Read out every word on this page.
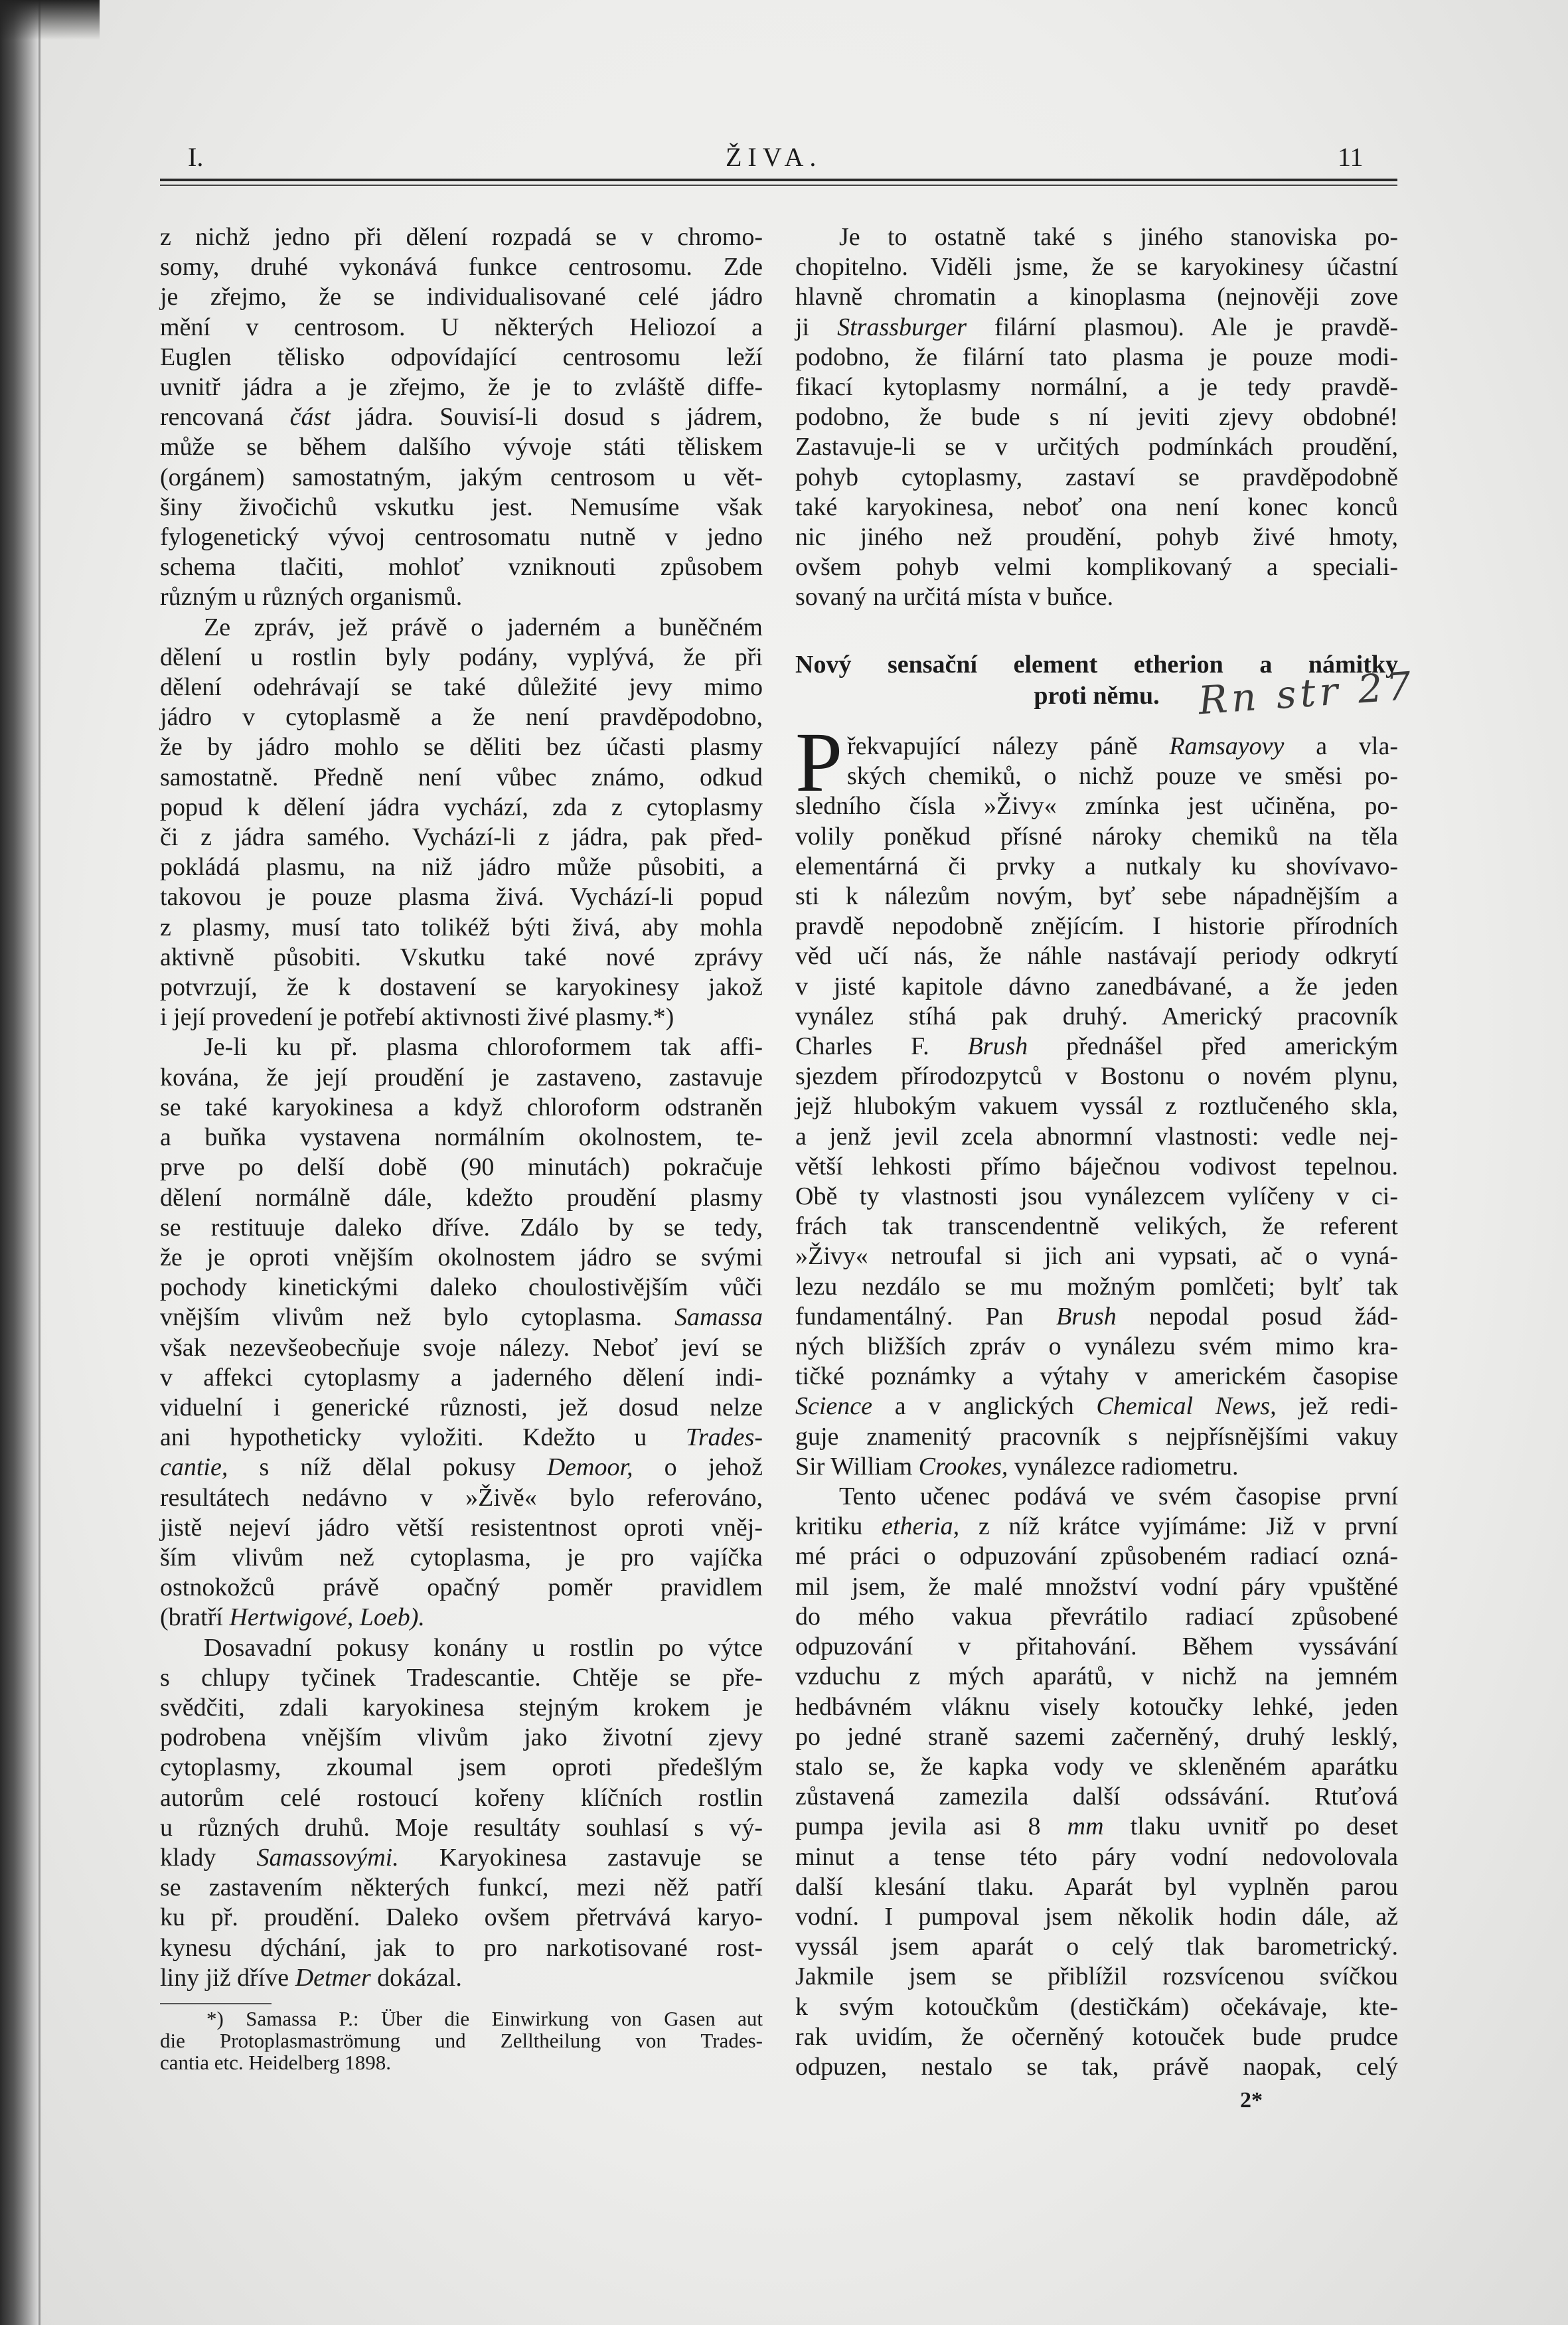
I.	ŽIVA.	11
z nichž jedno při dělení rozpadá se v chromo-
somy, druhé vykonává funkce centrosomu. Zde
je zřejmo, že se individualisované celé jádro
mění v centrosom. U některých Heliozoí a
Euglen tělisko odpovídající centrosomu leží
uvnitř jádra a je zřejmo, že je to zvláště diffe-
rencovaná část jádra. Souvisí-li dosud s jádrem,
může se během dalšího vývoje státi těliskem
(orgánem) samostatným, jakým centrosom u vět-
šiny živočichů vskutku jest. Nemusíme však
fylogenetický vývoj centrosomatu nutně v jedno
schema tlačiti, mohloť vzniknouti způsobem
různým u různých organismů.
Ze zpráv, jež právě o jaderném a buněčném
dělení u rostlin byly podány, vyplývá, že při
dělení odehrávají se také důležité jevy mimo
jádro v cytoplasmě a že není pravděpodobno,
že by jádro mohlo se děliti bez účasti plasmy
samostatně. Předně není vůbec známo, odkud
popud k dělení jádra vychází, zda z cytoplasmy
či z jádra samého. Vychází-li z jádra, pak před-
pokládá plasmu, na niž jádro může působiti, a
takovou je pouze plasma živá. Vychází-li popud
z plasmy, musí tato tolikéž býti živá, aby mohla
aktivně působiti. Vskutku také nové zprávy
potvrzují, že k dostavení se karyokinesy jakož
i její provedení je potřebí aktivnosti živé plasmy.*)
Je-li ku př. plasma chloroformem tak affi-
kována, že její proudění je zastaveno, zastavuje
se také karyokinesa a když chloroform odstraněn
a buňka vystavena normálním okolnostem, te-
prve po delší době (90 minutách) pokračuje
dělení normálně dále, kdežto proudění plasmy
se restituuje daleko dříve. Zdálo by se tedy,
že je oproti vnějším okolnostem jádro se svými
pochody kinetickými daleko choulostivějším vůči
vnějším vlivům než bylo cytoplasma. Samassa
však nezevšeobecňuje svoje nálezy. Neboť jeví se
v affekci cytoplasmy a jaderného dělení indi-
viduelní i generické různosti, jež dosud nelze
ani hypotheticky vyložiti. Kdežto u Trades-
cantie, s níž dělal pokusy Demoor, o jehož
resultátech nedávno v »Živě« bylo referováno,
jistě nejeví jádro větší resistentnost oproti vněj-
ším vlivům než cytoplasma, je pro vajíčka
ostnokožců právě opačný poměr pravidlem
(bratří Hertwigové, Loeb).
Dosavadní pokusy konány u rostlin po výtce
s chlupy tyčinek Tradescantie. Chtěje se pře-
svědčiti, zdali karyokinesa stejným krokem je
podrobena vnějším vlivům jako životní zjevy
cytoplasmy, zkoumal jsem oproti předešlým
autorům celé rostoucí kořeny klíčních rostlin
u různých druhů. Moje resultáty souhlasí s vý-
klady Samassovými. Karyokinesa zastavuje se
se zastavením některých funkcí, mezi něž patří
ku př. proudění. Daleko ovšem přetrvává karyo-
kynesu dýchání, jak to pro narkotisované rost-
liny již dříve Detmer dokázal.
*) Samassa P.: Über die Einwirkung von Gasen aut
die Protoplasmaströmung und Zelltheilung von Trades-
cantia etc. Heidelberg 1898.
Je to ostatně také s jiného stanoviska po-
chopitelno. Viděli jsme, že se karyokinesy účastní
hlavně chromatin a kinoplasma (nejnověji zove
ji Strassburger filární plasmou). Ale je pravdě-
podobno, že filární tato plasma je pouze modi-
fikací kytoplasmy normální, a je tedy pravdě-
podobno, že bude s ní jeviti zjevy obdobné!
Zastavuje-li se v určitých podmínkách proudění,
pohyb cytoplasmy, zastaví se pravděpodobně
také karyokinesa, neboť ona není konec konců
nic jiného než proudění, pohyb živé hmoty,
ovšem pohyb velmi komplikovaný a speciali-
sovaný na určitá místa v buňce.
Nový sensační element etherion a námitky
proti němu. Rn str 27
P řekvapující nálezy páně Ramsayovy a vla-
ských chemiků, o nichž pouze ve směsi po-
sledního čísla »Živy« zmínka jest učiněna, po-
volily poněkud přísné nároky chemiků na těla
elementárná či prvky a nutkaly ku shovívavo-
sti k nálezům novým, byť sebe nápadnějším a
pravdě nepodobně znějícím. I historie přírodních
věd učí nás, že náhle nastávají periody odkrytí
v jisté kapitole dávno zanedbávané, a že jeden
vynález stíhá pak druhý. Americký pracovník
Charles F. Brush přednášel před americkým
sjezdem přírodozpytců v Bostonu o novém plynu,
jejž hlubokým vakuem vyssál z roztlučeného skla,
a jenž jevil zcela abnormní vlastnosti: vedle nej-
větší lehkosti přímo báječnou vodivost tepelnou.
Obě ty vlastnosti jsou vynálezcem vylíčeny v ci-
frách tak transcendentně velikých, že referent
»Živy« netroufal si jich ani vypsati, ač o vyná-
lezu nezdálo se mu možným pomlčeti; bylť tak
fundamentálný. Pan Brush nepodal posud žád-
ných bližších zpráv o vynálezu svém mimo kra-
tičké poznámky a výtahy v americkém časopise
Science a v anglických Chemical News, jež redi-
guje znamenitý pracovník s nejpřísnějšími vakuy
Sir William Crookes, vynálezce radiometru.
Tento učenec podává ve svém časopise první
kritiku etheria, z níž krátce vyjímáme: Již v první
mé práci o odpuzování způsobeném radiací ozná-
mil jsem, že malé množství vodní páry vpuštěné
do mého vakua převrátilo radiací způsobené
odpuzování v přitahování. Během vyssávání
vzduchu z mých aparátů, v nichž na jemném
hedbávném vláknu visely kotoučky lehké, jeden
po jedné straně sazemi začerněný, druhý lesklý,
stalo se, že kapka vody ve skleněném aparátku
zůstavená zamezila další odssávání. Rtuťová
pumpa jevila asi 8 mm tlaku uvnitř po deset
minut a tense této páry vodní nedovolovala
další klesání tlaku. Aparát byl vyplněn parou
vodní. I pumpoval jsem několik hodin dále, až
vyssál jsem aparát o celý tlak barometrický.
Jakmile jsem se přiblížil rozsvícenou svíčkou
k svým kotoučkům (destičkám) očekávaje, kte-
rak uvidím, že očerněný kotouček bude prudce
odpuzen, nestalo se tak, právě naopak, celý
2*
